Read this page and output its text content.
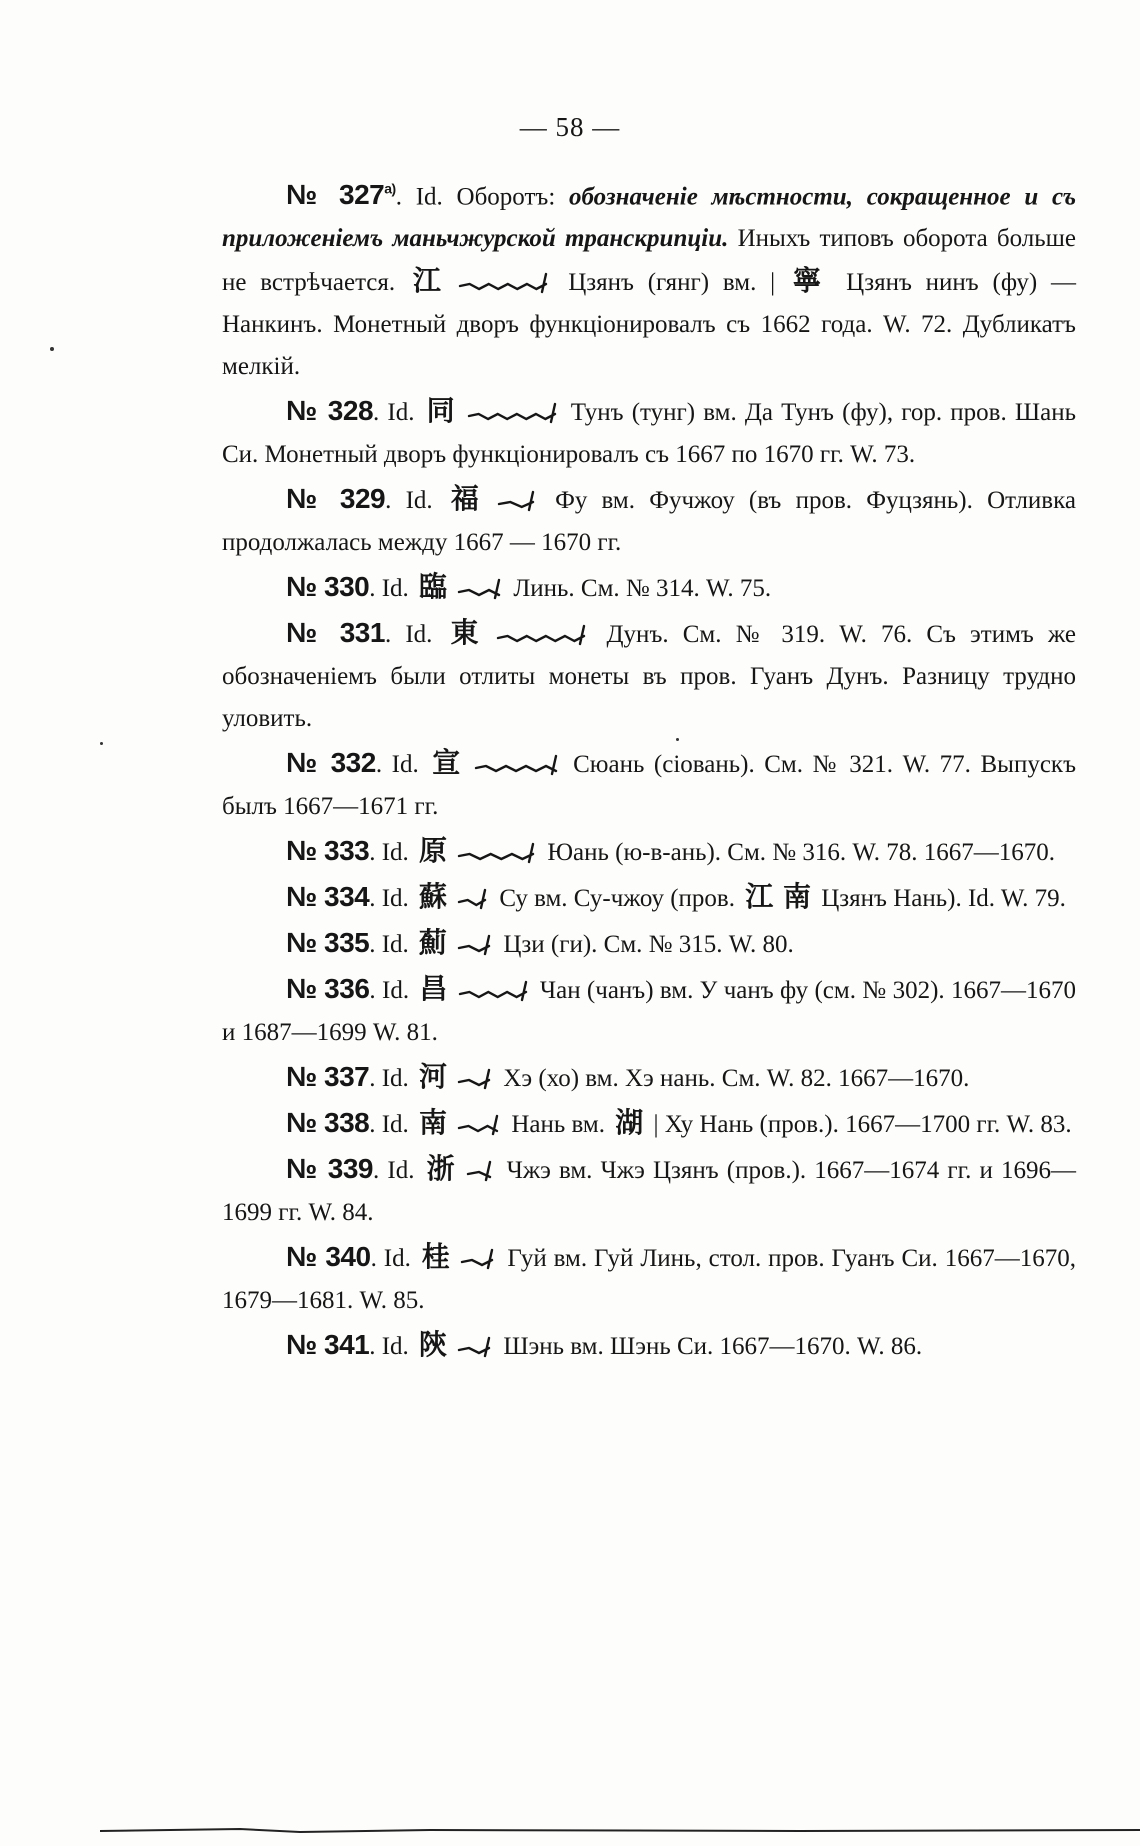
— 58 —

№ $327^{а)}$. Id. Оборотъ: обозначеніе мѣстности, сокращенное и съ приложеніемъ маньчжурской транскрипціи. Иныхъ типовъ оборота больше не встрѣчается. 江	Цзянъ (гянг) вм. | 寧 Цзянъ нинъ (фу) — Нанкинъ. Монетный дворъ функціонировалъ съ 1662 года. W. 72. Дубликатъ мелкій.

№ 328. Id. 同	Тунъ (тунг) вм. Да Тунъ (фу), гор. пров. Шань Си. Монетный дворъ функціонировалъ съ 1667 по 1670 гг. W. 73.

№ 329. Id. 福
Фу вм. Фучжоу (въ пров. Фуцзянь). Отливка продолжалась между 1667 — 1670 гг.

№ 330. Id. 臨
Линь. См. № 314. W. 75.

№ 331. Id. 東	Дунъ. См. № 319. W. 76. Съ этимъ же обозначеніемъ были отлиты монеты въ пров. Гуанъ Дунъ. Разницу трудно уловить.

№ 332. Id. 宣	Сюань (сіовань). См. № 321. W. 77. Выпускъ былъ 1667—1671 гг.

№ 333. Id. 原	Юань (ю-в-ань). См. № 316. W. 78. 1667—1670.

№ 334. Id. 蘇
Су вм. Су-чжоу (пров. 江 南 Цзянъ Нань). Id. W. 79.

№ 335. Id. 薊
Цзи (ги). См. № 315. W. 80.

№ 336. Id. 昌	Чан (чанъ) вм. У чанъ фу (см. № 302). 1667—1670 и 1687—1699 W. 81.

№ 337. Id. 河
Хэ (хо) вм. Хэ нань. См. W. 82. 1667—1670.

№ 338. Id. 南
Нань вм. 湖 | Ху Нань (пров.). 1667—1700 гг. W. 83.

№ 339. Id. 浙
Чжэ вм. Чжэ Цзянъ (пров.). 1667—1674 гг. и 1696—1699 гг. W. 84.

№ 340. Id. 桂
Гуй вм. Гуй Линь, стол. пров. Гуанъ Си. 1667—1670, 1679—1681. W. 85.

№ 341. Id. 陝
Шэнь вм. Шэнь Си. 1667—1670. W. 86.
